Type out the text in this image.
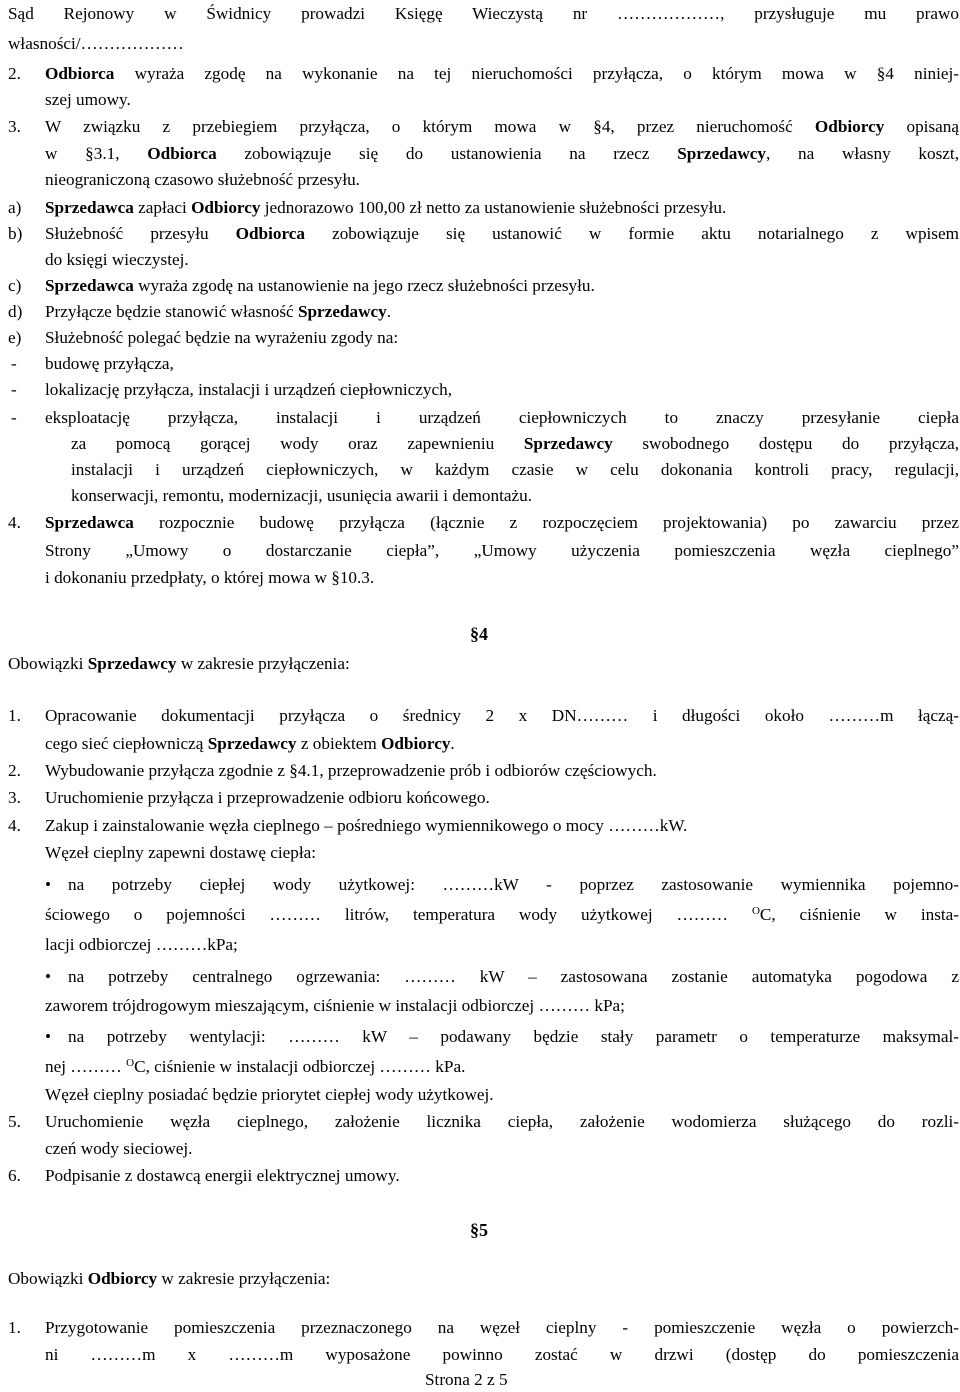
Sąd Rejonowy w Świdnicy prowadzi Księgę Wieczystą nr ………………, przysługuje mu prawo
własności/………………
2. Odbiorca wyraża zgodę na wykonanie na tej nieruchomości przyłącza, o którym mowa w §4 niniej-
szej umowy.
3. W związku z przebiegiem przyłącza, o którym mowa w §4, przez nieruchomość Odbiorcy opisaną
w §3.1, Odbiorca zobowiązuje się do ustanowienia na rzecz Sprzedawcy, na własny koszt,
nieograniczoną czasowo służebność przesyłu.
a) Sprzedawca zapłaci Odbiorcy jednorazowo 100,00 zł netto za ustanowienie służebności przesyłu.
b) Służebność przesyłu Odbiorca zobowiązuje się ustanowić w formie aktu notarialnego z wpisem
do księgi wieczystej.
c) Sprzedawca wyraża zgodę na ustanowienie na jego rzecz służebności przesyłu.
d) Przyłącze będzie stanowić własność Sprzedawcy.
e) Służebność polegać będzie na wyrażeniu zgody na:
- budowę przyłącza,
- lokalizację przyłącza, instalacji i urządzeń ciepłowniczych,
- eksploatację przyłącza, instalacji i urządzeń ciepłowniczych to znaczy przesyłanie ciepła
za pomocą gorącej wody oraz zapewnieniu Sprzedawcy swobodnego dostępu do przyłącza,
instalacji i urządzeń ciepłowniczych, w każdym czasie w celu dokonania kontroli pracy, regulacji,
konserwacji, remontu, modernizacji, usunięcia awarii i demontażu.
4. Sprzedawca rozpocznie budowę przyłącza (łącznie z rozpoczęciem projektowania) po zawarciu przez
Strony „Umowy o dostarczanie ciepła”, „Umowy użyczenia pomieszczenia węzła cieplnego”
i dokonaniu przedpłaty, o której mowa w §10.3.
§4
Obowiązki Sprzedawcy w zakresie przyłączenia:
1. Opracowanie dokumentacji przyłącza o średnicy 2 x DN……… i długości około ………m łączą-
cego sieć ciepłowniczą Sprzedawcy z obiektem Odbiorcy.
2. Wybudowanie przyłącza zgodnie z §4.1, przeprowadzenie prób i odbiorów częściowych.
3. Uruchomienie przyłącza i przeprowadzenie odbioru końcowego.
4. Zakup i zainstalowanie węzła cieplnego – pośredniego wymiennikowego o mocy ………kW.
Węzeł cieplny zapewni dostawę ciepła:
• na potrzeby ciepłej wody użytkowej: ………kW - poprzez zastosowanie wymiennika pojemno-
ściowego o pojemności ……… litrów, temperatura wody użytkowej ……… $^O$C, ciśnienie w insta-
lacji odbiorczej ………kPa;
• na potrzeby centralnego ogrzewania: ……… kW – zastosowana zostanie automatyka pogodowa z
zaworem trójdrogowym mieszającym, ciśnienie w instalacji odbiorczej ……… kPa;
• na potrzeby wentylacji: ……… kW – podawany będzie stały parametr o temperaturze maksymal-
nej ……… $^O$C, ciśnienie w instalacji odbiorczej ……… kPa.
Węzeł cieplny posiadać będzie priorytet ciepłej wody użytkowej.
5. Uruchomienie węzła cieplnego, założenie licznika ciepła, założenie wodomierza służącego do rozli-
czeń wody sieciowej.
6. Podpisanie z dostawcą energii elektrycznej umowy.
§5
Obowiązki Odbiorcy w zakresie przyłączenia:
1. Przygotowanie pomieszczenia przeznaczonego na węzeł cieplny - pomieszczenie węzła o powierzch-
ni ………m x ………m wyposażone powinno zostać w drzwi (dostęp do pomieszczenia
Strona 2 z 5
